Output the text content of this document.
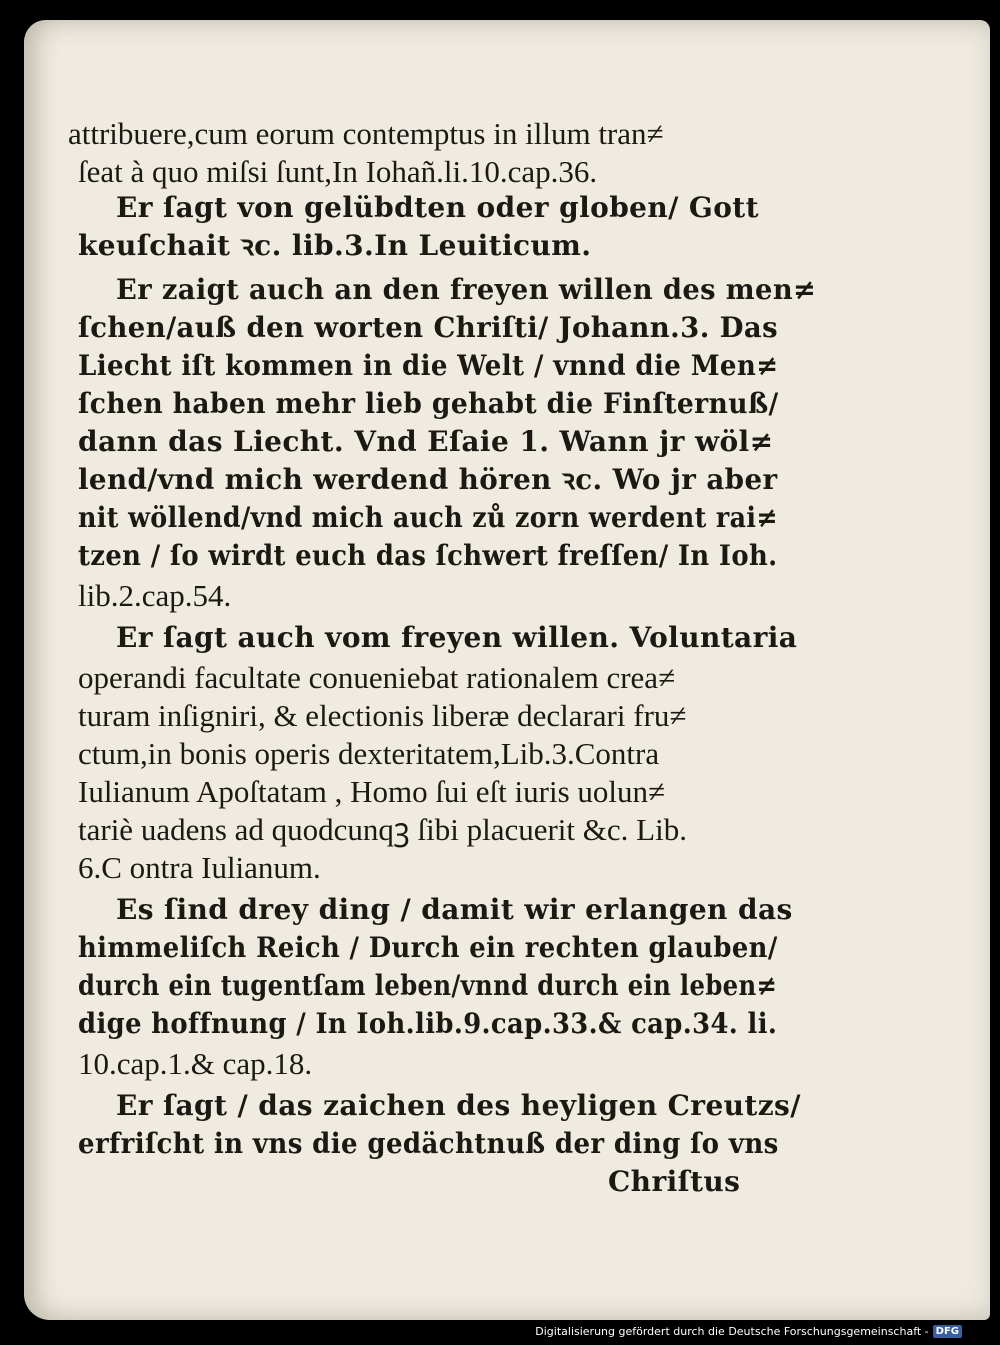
attribuere,cum eorum contemptus in illum tran≠
ſeat à quo miſsi ſunt,In Iohañ.li.10.cap.36.
Er ſagt von gelübdten oder globen/ Gott
keuſchait ꝛc. lib.3.In Leuiticum.
Er zaigt auch an den freyen willen des men≠
ſchen/auß den worten Chriſti/ Johann.3. Das
Liecht iſt kommen in die Welt / vnnd die Men≠
ſchen haben mehr lieb gehabt die Finſternuß/
dann das Liecht. Vnd Eſaie 1. Wann jr wöl≠
lend/vnd mich werdend hören ꝛc. Wo jr aber
nit wöllend/vnd mich auch zů zorn werdent rai≠
tzen / ſo wirdt euch das ſchwert freſſen/ In Ioh.
lib.2.cap.54.
Er ſagt auch vom freyen willen. Voluntaria
operandi facultate conueniebat rationalem crea≠
turam inſigniri, & electionis liberæ declarari fru≠
ctum,in bonis operis dexteritatem,Lib.3.Contra
Iulianum Apoſtatam , Homo ſui eſt iuris uolun≠
tariè uadens ad quodcunqꝫ ſibi placuerit &c. Lib.
6.C ontra Iulianum.
Es ſind drey ding / damit wir erlangen das
himmeliſch Reich / Durch ein rechten glauben/
durch ein tugentſam leben/vnnd durch ein leben≠
dige hoffnung / In Ioh.lib.9.cap.33.& cap.34. li.
10.cap.1.& cap.18.
Er ſagt / das zaichen des heyligen Creutzs/
erfriſcht in vns die gedächtnuß der ding ſo vns
Chriſtus
Digitalisierung gefördert durch die Deutsche Forschungsgemeinschaft - DFG
